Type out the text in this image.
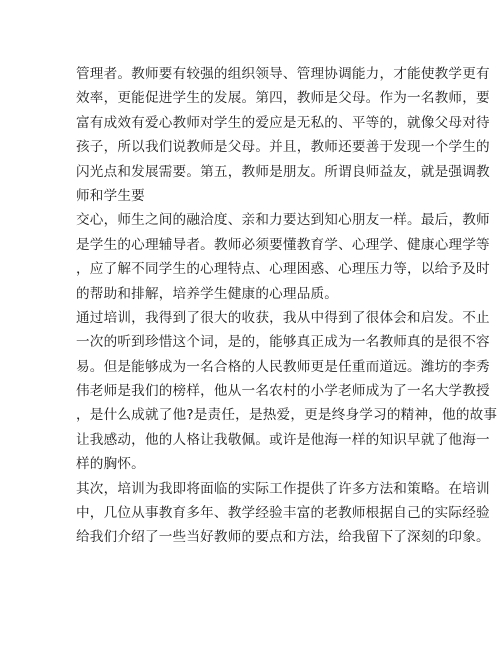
管理者。教师要有较强的组织领导、管理协调能力，才能使教学更有
效率，更能促进学生的发展。第四，教师是父母。作为一名教师，要
富有成效有爱心教师对学生的爱应是无私的、平等的，就像父母对待
孩子，所以我们说教师是父母。并且，教师还要善于发现一个学生的
闪光点和发展需要。第五，教师是朋友。所谓良师益友，就是强调教
师和学生要
交心，师生之间的融洽度、亲和力要达到知心朋友一样。最后，教师
是学生的心理辅导者。教师必须要懂教育学、心理学、健康心理学等
，应了解不同学生的心理特点、心理困惑、心理压力等，以给予及时
的帮助和排解，培养学生健康的心理品质。
通过培训，我得到了很大的收获，我从中得到了很体会和启发。不止
一次的听到珍惜这个词，是的，能够真正成为一名教师真的是很不容
易。但是能够成为一名合格的人民教师更是任重而道远。潍坊的李秀
伟老师是我们的榜样，他从一名农村的小学老师成为了一名大学教授
，是什么成就了他?是责任，是热爱，更是终身学习的精神，他的故事
让我感动，他的人格让我敬佩。或许是他海一样的知识早就了他海一
样的胸怀。
其次，培训为我即将面临的实际工作提供了许多方法和策略。在培训
中，几位从事教育多年、教学经验丰富的老教师根据自己的实际经验
给我们介绍了一些当好教师的要点和方法，给我留下了深刻的印象。
